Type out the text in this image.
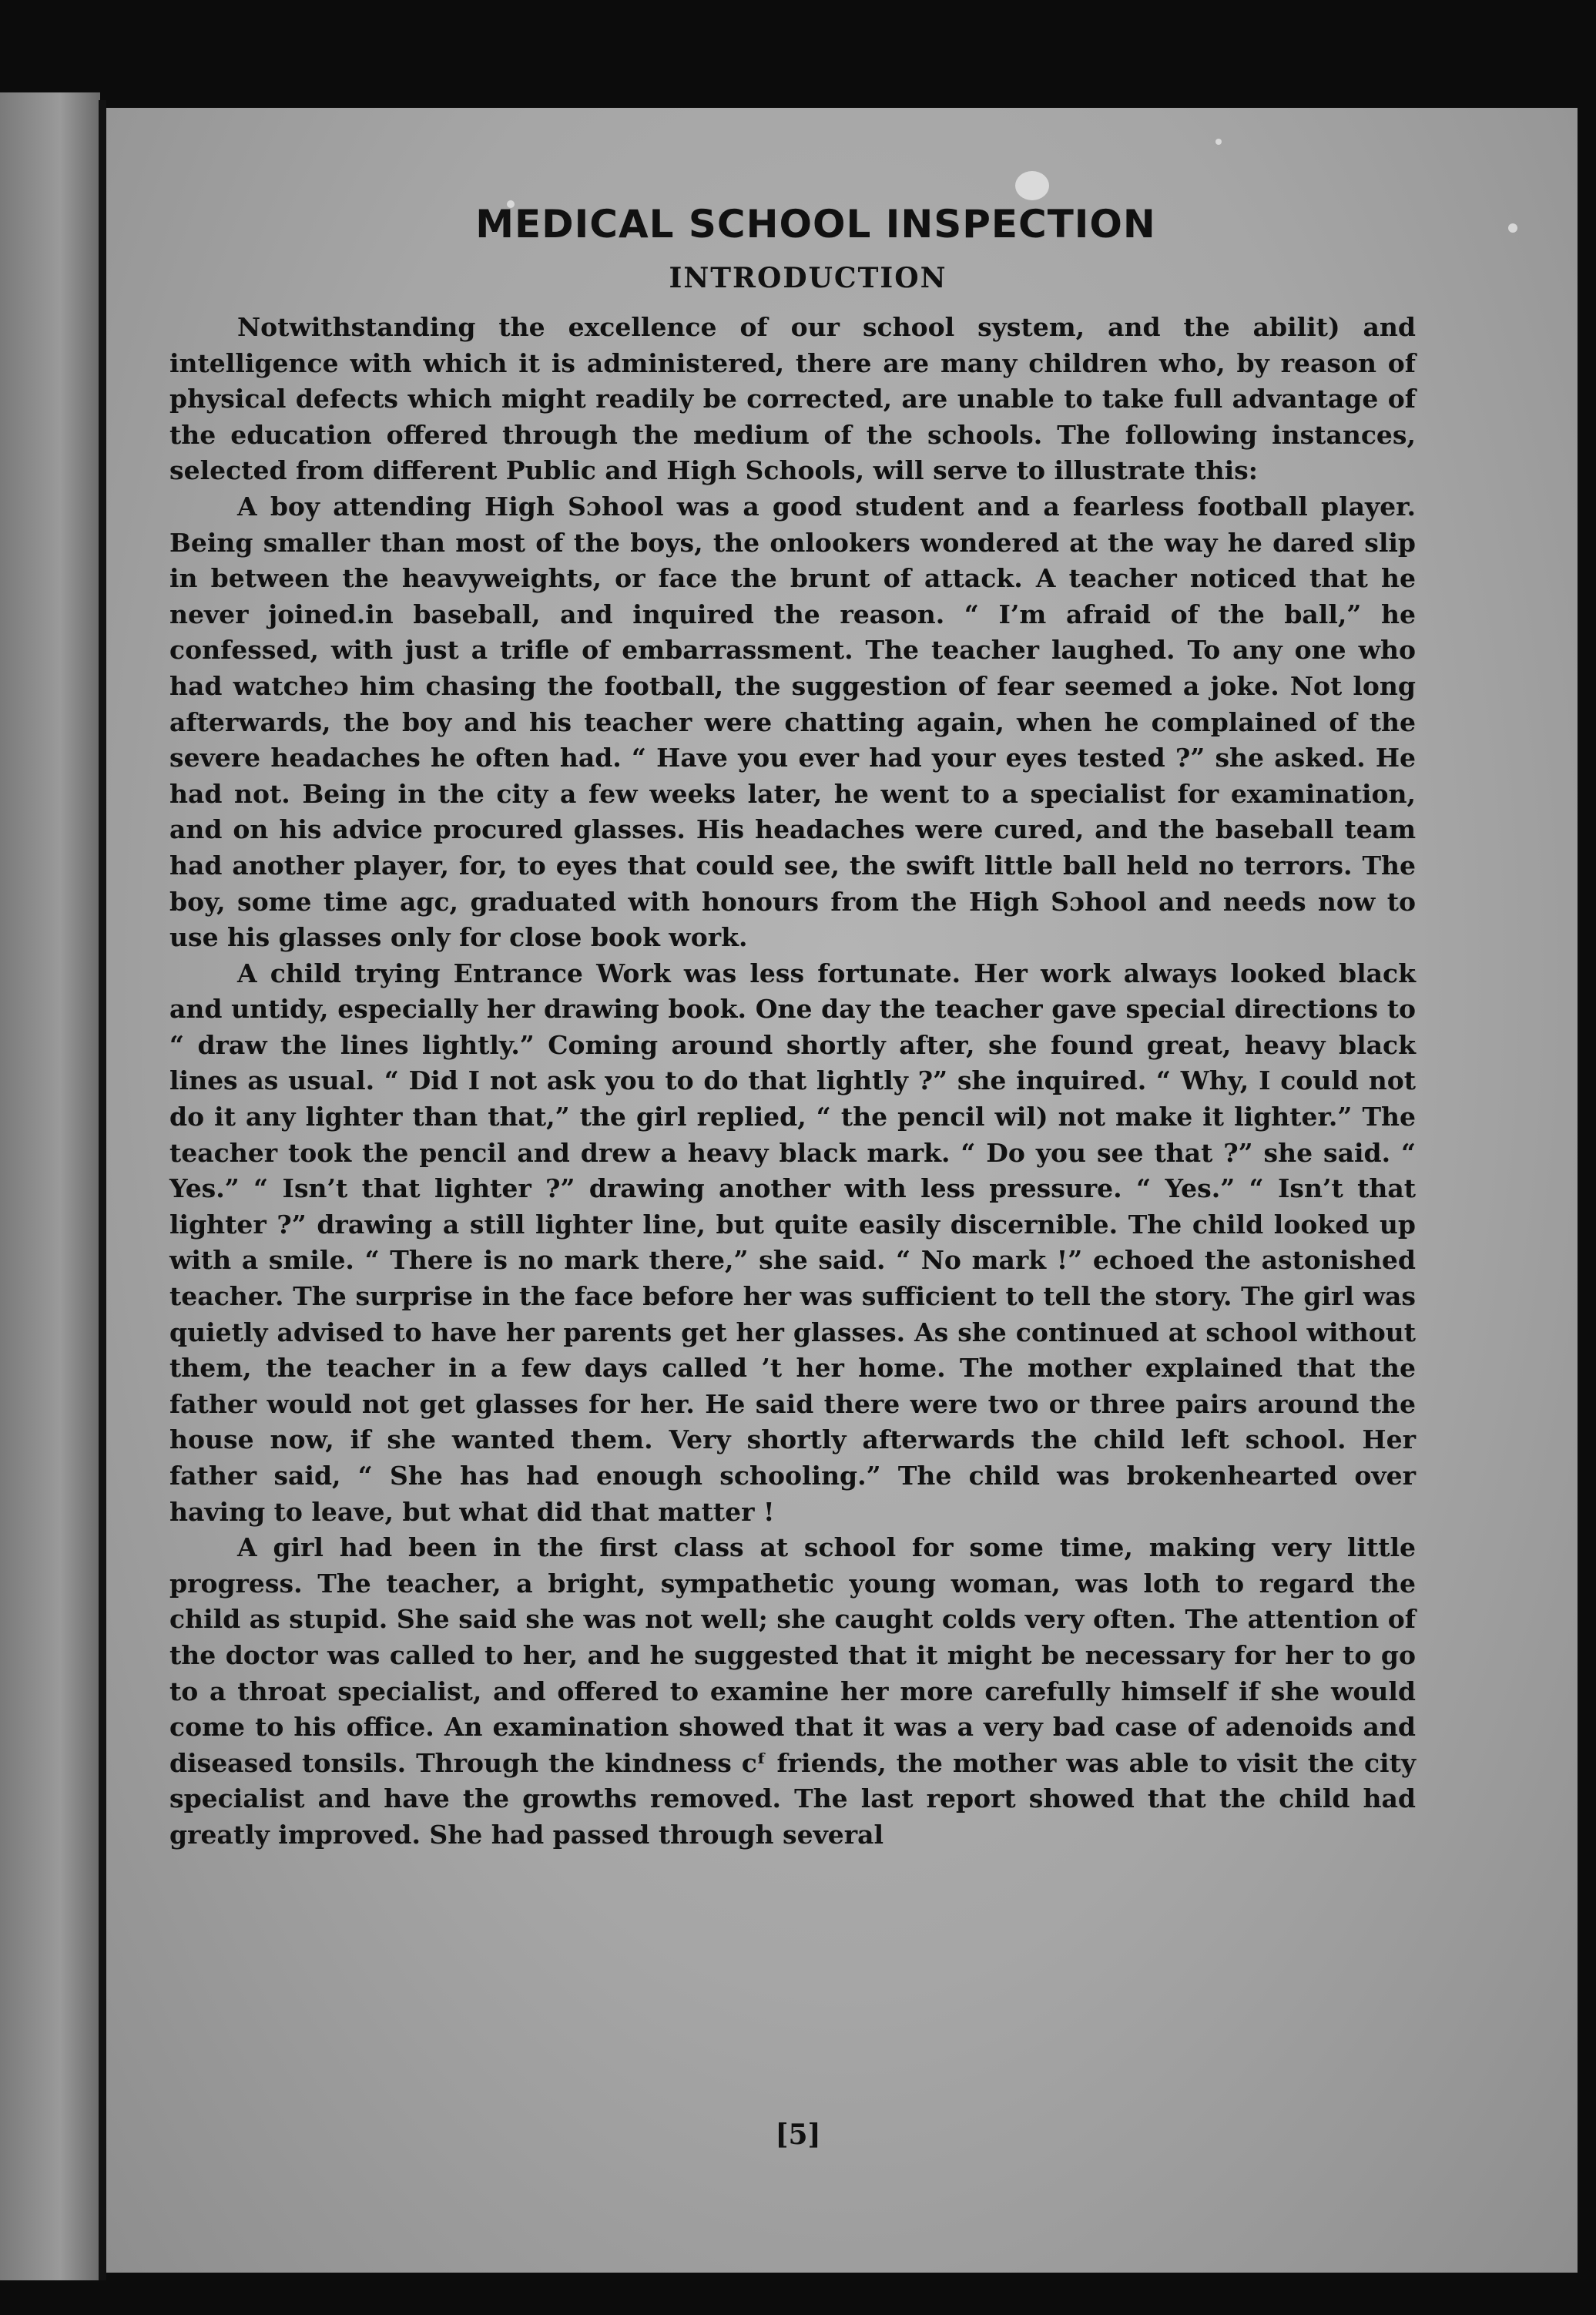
MEDICAL SCHOOL INSPECTION
INTRODUCTION

Notwithstanding the excellence of our school system, and the abilit) and intelligence with which it is administered, there are many children who, by reason of physical defects which might readily be corrected, are unable to take full advantage of the education offered through the medium of the schools. The following instances, selected from different Public and High Schools, will serve to illustrate this:

A boy attending High Sɔhool was a good student and a fearless football player. Being smaller than most of the boys, the onlookers wondered at the way he dared slip in between the heavyweights, or face the brunt of attack. A teacher noticed that he never joined.in baseball, and inquired the reason. “ I’m afraid of the ball,” he confessed, with just a trifle of embarrassment. The teacher laughed. To any one who had watcheɔ him chasing the football, the suggestion of fear seemed a joke. Not long afterwards, the boy and his teacher were chatting again, when he complained of the severe headaches he often had. “ Have you ever had your eyes tested ?” she asked. He had not. Being in the city a few weeks later, he went to a specialist for examination, and on his advice procured glasses. His headaches were cured, and the baseball team had another player, for, to eyes that could see, the swift little ball held no terrors. The boy, some time agc, graduated with honours from the High Sɔhool and needs now to use his glasses only for close book work.

A child trying Entrance Work was less fortunate. Her work always looked black and untidy, especially her drawing book. One day the teacher gave special directions to “ draw the lines lightly.” Coming around shortly after, she found great, heavy black lines as usual. “ Did I not ask you to do that lightly ?” she inquired. “ Why, I could not do it any lighter than that,” the girl replied, “ the pencil wil) not make it lighter.” The teacher took the pencil and drew a heavy black mark. “ Do you see that ?” she said. “ Yes.” “ Isn’t that lighter ?” drawing another with less pressure. “ Yes.” “ Isn’t that lighter ?” drawing a still lighter line, but quite easily discernible. The child looked up with a smile. “ There is no mark there,” she said. “ No mark !” echoed the astonished teacher. The surprise in the face before her was sufficient to tell the story. The girl was quietly advised to have her parents get her glasses. As she continued at school without them, the teacher in a few days called ’t her home. The mother explained that the father would not get glasses for her. He said there were two or three pairs around the house now, if she wanted them. Very shortly afterwards the child left school. Her father said, “ She has had enough schooling.” The child was brokenhearted over having to leave, but what did that matter !

A girl had been in the first class at school for some time, making very little progress. The teacher, a bright, sympathetic young woman, was loth to regard the child as stupid. She said she was not well; she caught colds very often. The attention of the doctor was called to her, and he suggested that it might be necessary for her to go to a throat specialist, and offered to examine her more carefully himself if she would come to his office. An examination showed that it was a very bad case of adenoids and diseased tonsils. Through the kindness cᶠ friends, the mother was able to visit the city specialist and have the growths removed. The last report showed that the child had greatly improved. She had passed through several

[5]
